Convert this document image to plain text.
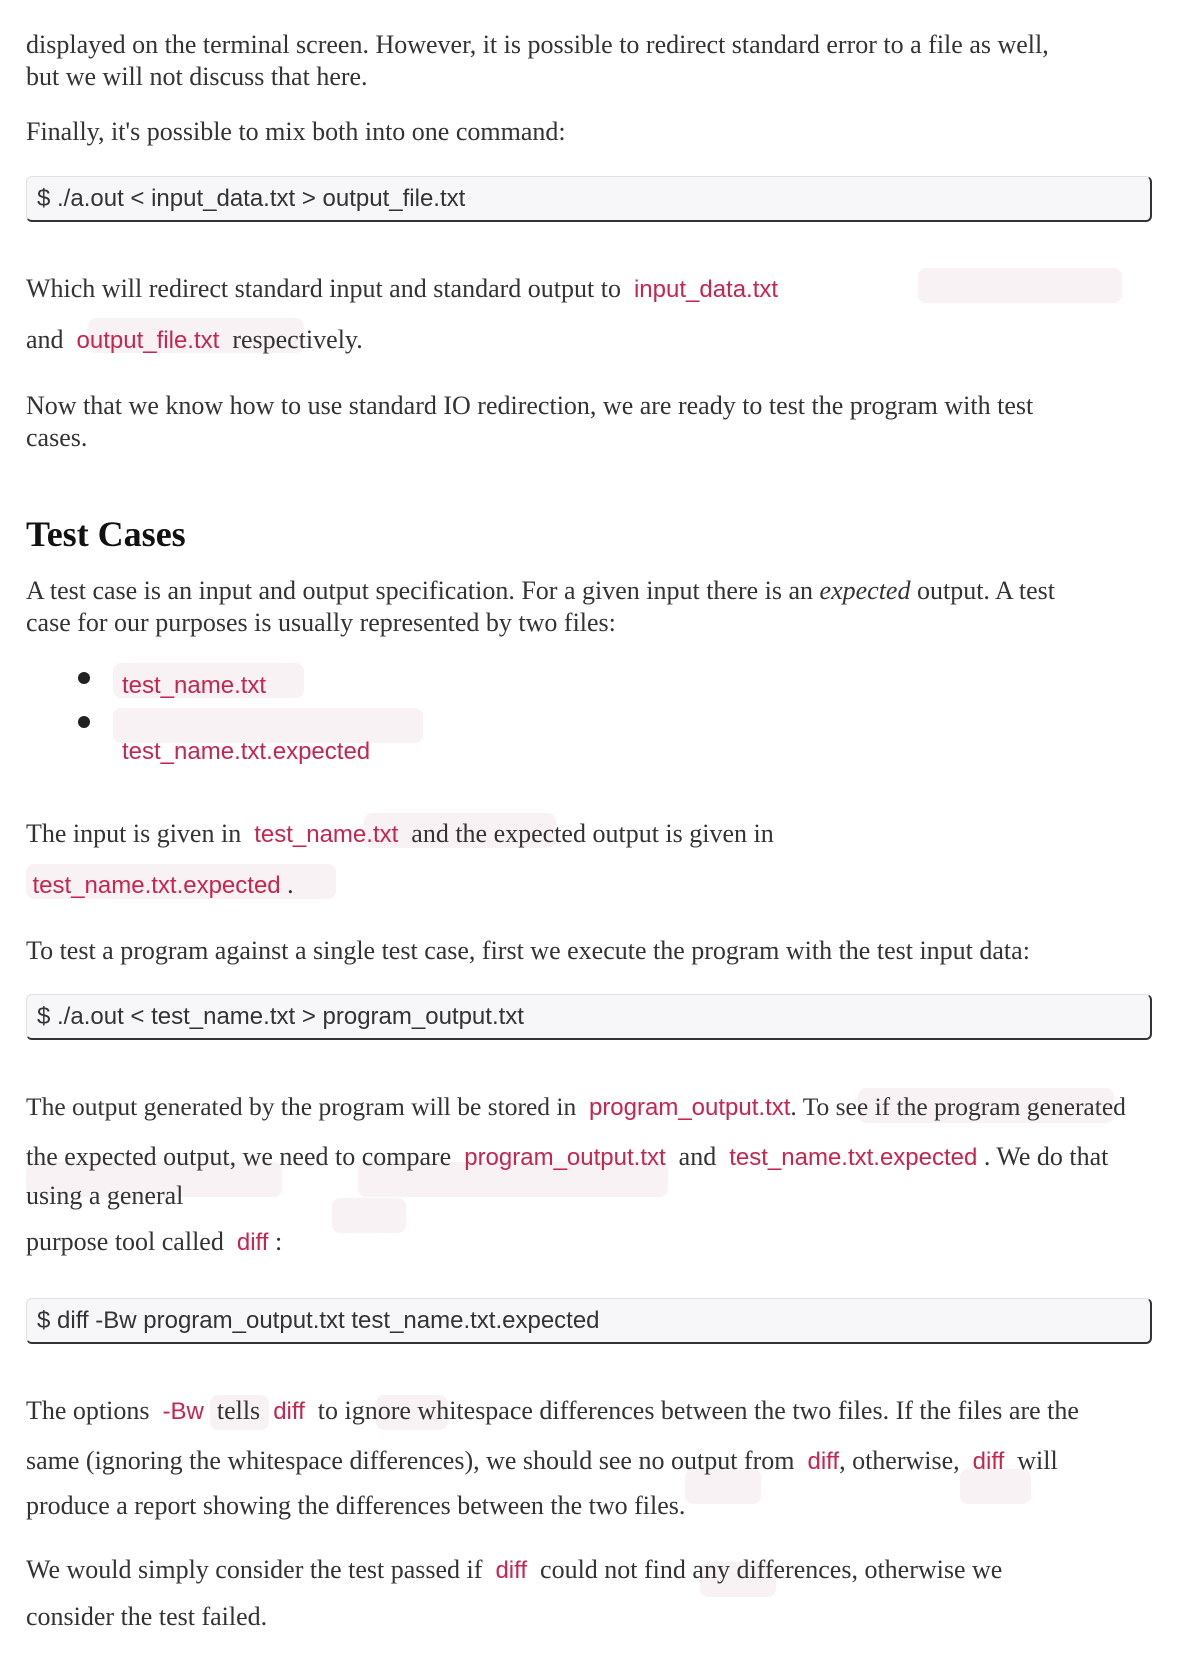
displayed on the terminal screen. However, it is possible to redirect standard error to a file as well,

but we will not discuss that here.

Finally, it's possible to mix both into one command:

$ ./a.out < input_data.txt > output_file.txt

Which will redirect standard input and standard output to input_data.txt

and output_file.txt respectively.

Now that we know how to use standard IO redirection, we are ready to test the program with test

cases.

Test Cases

A test case is an input and output specification. For a given input there is an expected output. A test

case for our purposes is usually represented by two files:

test_name.txt
test_name.txt.expected

The input is given in test_name.txt and the expected output is given in

test_name.txt.expected .

To test a program against a single test case, first we execute the program with the test input data:

$ ./a.out < test_name.txt > program_output.txt

The output generated by the program will be stored in program_output.txt. To see if the program generated

the expected output, we need to compare program_output.txt and test_name.txt.expected . We do that

using a general

purpose tool called diff :

$ diff -Bw program_output.txt test_name.txt.expected

The options -Bw tells diff to ignore whitespace differences between the two files. If the files are the

same (ignoring the whitespace differences), we should see no output from diff, otherwise, diff will

produce a report showing the differences between the two files.

We would simply consider the test passed if diff could not find any differences, otherwise we

consider the test failed.
